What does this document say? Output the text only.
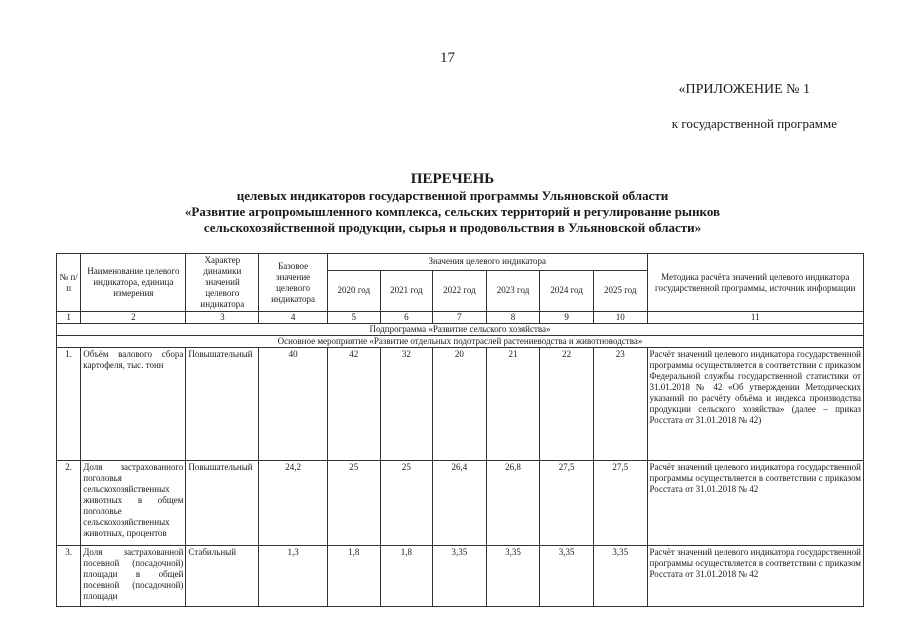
17
«ПРИЛОЖЕНИЕ № 1
к государственной программе
ПЕРЕЧЕНЬ
целевых индикаторов государственной программы Ульяновской области
«Развитие агропромышленного комплекса, сельских территорий и регулирование рынков
сельскохозяйственной продукции, сырья и продовольствия в Ульяновской области»
№ п/п	Наименование целевого индикатора, единица измерения	Характер динамики значений целевого индикатора	Базовое значение целевого индикатора	Значения целевого индикатора						Методика расчёта значений целевого индикатора государственной программы, источник информации
				2020 год	2021 год	2022 год	2023 год	2024 год	2025 год	
1	2	3	4	5	6	7	8	9	10	11
Подпрограмма «Развитие сельского хозяйства»										
Основное мероприятие «Развитие отдельных подотраслей растениеводства и животноводства»										
1.	Объём валового сбора картофеля, тыс. тонн	Повышательный	40	42	32	20	21	22	23	Расчёт значений целевого индикатора государственной программы осуществляется в соответствии с приказом Федеральной службы государственной статистики от 31.01.2018 № 42 «Об утверждении Методических указаний по расчёту объёма и индекса производства продукции сельского хозяйства» (далее – приказ Росстата от 31.01.2018 № 42)
2.	Доля застрахованного поголовья сельскохозяйственных животных в общем поголовье сельскохозяйственных животных, процентов	Повышательный	24,2	25	25	26,4	26,8	27,5	27,5	Расчёт значений целевого индикатора государственной программы осуществляется в соответствии с приказом Росстата от 31.01.2018 № 42
3.	Доля застрахованной посевной (посадочной) площади в общей посевной (посадочной) площади	Стабильный	1,3	1,8	1,8	3,35	3,35	3,35	3,35	Расчёт значений целевого индикатора государственной программы осуществляется в соответствии с приказом Росстата от 31.01.2018 № 42
